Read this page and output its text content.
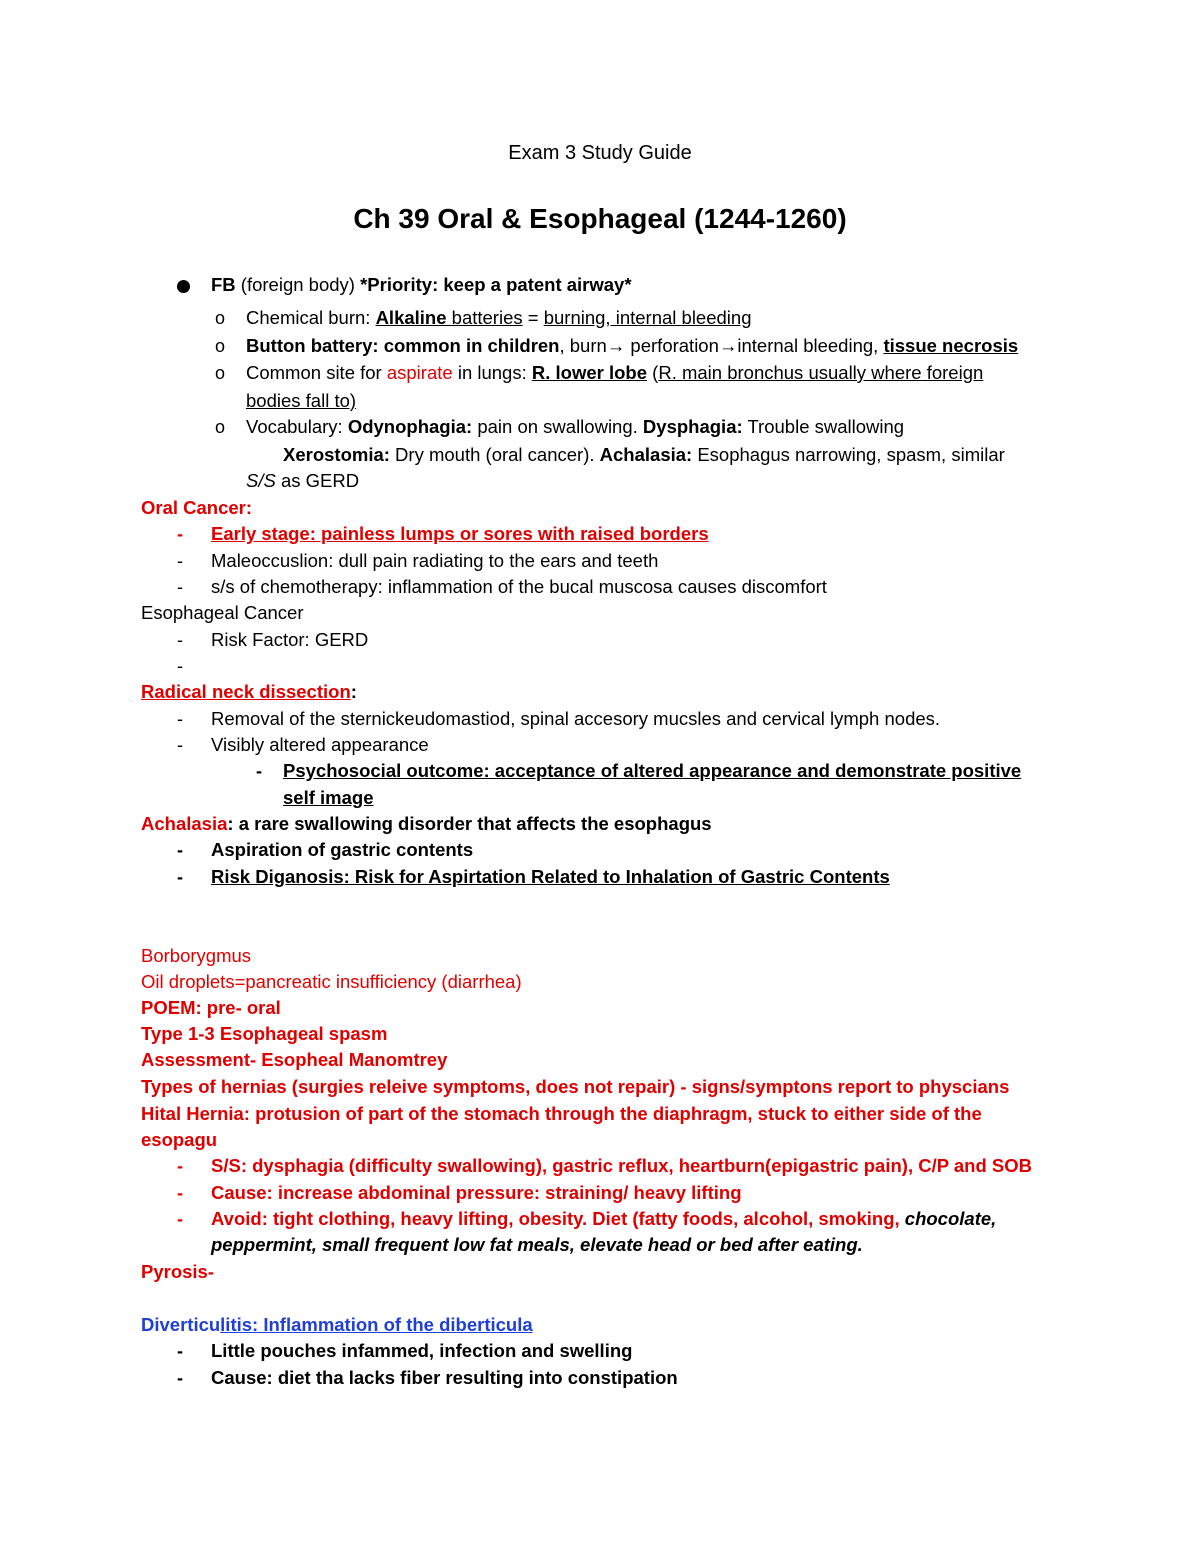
Exam 3 Study Guide
Ch 39 Oral & Esophageal (1244-1260)
FB (foreign body) *Priority: keep a patent airway*
o Chemical burn: Alkaline batteries = burning, internal bleeding
o Button battery: common in children, burn→ perforation→internal bleeding, tissue necrosis
o Common site for aspirate in lungs: R. lower lobe (R. main bronchus usually where foreign
bodies fall to)
o Vocabulary: Odynophagia: pain on swallowing. Dysphagia: Trouble swallowing
Xerostomia: Dry mouth (oral cancer). Achalasia: Esophagus narrowing, spasm, similar
S/S as GERD
Oral Cancer:
- Early stage: painless lumps or sores with raised borders
- Maleoccuslion: dull pain radiating to the ears and teeth
- s/s of chemotherapy: inflammation of the bucal muscosa causes discomfort
Esophageal Cancer
- Risk Factor: GERD
-
Radical neck dissection:
- Removal of the sternickeudomastiod, spinal accesory mucsles and cervical lymph nodes.
- Visibly altered appearance
- Psychosocial outcome: acceptance of altered appearance and demonstrate positive
self image
Achalasia: a rare swallowing disorder that affects the esophagus
- Aspiration of gastric contents
- Risk Diganosis: Risk for Aspirtation Related to Inhalation of Gastric Contents
Borborygmus
Oil droplets=pancreatic insufficiency (diarrhea)
POEM: pre- oral
Type 1-3 Esophageal spasm
Assessment- Esopheal Manomtrey
Types of hernias (surgies releive symptoms, does not repair) - signs/symptons report to physcians
Hital Hernia: protusion of part of the stomach through the diaphragm, stuck to either side of the
esopagu
- S/S: dysphagia (difficulty swallowing), gastric reflux, heartburn(epigastric pain), C/P and SOB
- Cause: increase abdominal pressure: straining/ heavy lifting
- Avoid: tight clothing, heavy lifting, obesity. Diet (fatty foods, alcohol, smoking, chocolate,
peppermint, small frequent low fat meals, elevate head or bed after eating.
Pyrosis-
Diverticulitis: Inflammation of the diberticula
- Little pouches infammed, infection and swelling
- Cause: diet tha lacks fiber resulting into constipation
